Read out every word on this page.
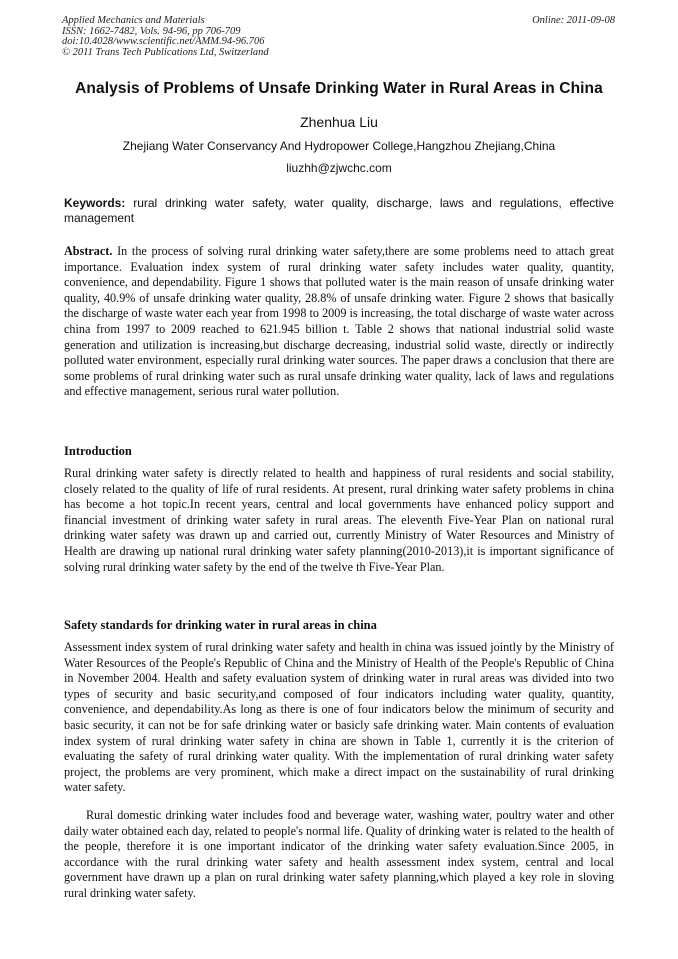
Applied Mechanics and Materials
ISSN: 1662-7482, Vols. 94-96, pp 706-709
doi:10.4028/www.scientific.net/AMM.94-96.706
© 2011 Trans Tech Publications Ltd, Switzerland
Online: 2011-09-08
Analysis of Problems of Unsafe Drinking Water in Rural Areas in China
Zhenhua Liu
Zhejiang Water Conservancy And Hydropower College,Hangzhou Zhejiang,China
liuzhh@zjwchc.com
Keywords: rural drinking water safety, water quality, discharge, laws and regulations, effective management
Abstract. In the process of solving rural drinking water safety,there are some problems need to attach great importance. Evaluation index system of rural drinking water safety includes water quality, quantity, convenience, and dependability. Figure 1 shows that polluted water is the main reason of unsafe drinking water quality, 40.9% of unsafe drinking water quality, 28.8% of unsafe drinking water. Figure 2 shows that basically the discharge of waste water each year from 1998 to 2009 is increasing, the total discharge of waste water across china from 1997 to 2009 reached to 621.945 billion t. Table 2 shows that national industrial solid waste generation and utilization is increasing,but discharge decreasing, industrial solid waste, directly or indirectly polluted water environment, especially rural drinking water sources. The paper draws a conclusion that there are some problems of rural drinking water such as rural unsafe drinking water quality, lack of laws and regulations and effective management, serious rural water pollution.
Introduction
Rural drinking water safety is directly related to health and happiness of rural residents and social stability, closely related to the quality of life of rural residents. At present, rural drinking water safety problems in china has become a hot topic.In recent years, central and local governments have enhanced policy support and financial investment of drinking water safety in rural areas. The eleventh Five-Year Plan on national rural drinking water safety was drawn up and carried out, currently Ministry of Water Resources and Ministry of Health are drawing up national rural drinking water safety planning(2010-2013),it is important significance of solving rural drinking water safety by the end of the twelve th Five-Year Plan.
Safety standards for drinking water in rural areas in china
Assessment index system of rural drinking water safety and health in china was issued jointly by the Ministry of Water Resources of the People's Republic of China and the Ministry of Health of the People's Republic of China in November 2004. Health and safety evaluation system of drinking water in rural areas was divided into two types of security and basic security,and composed of four indicators including water quality, quantity, convenience, and dependability.As long as there is one of four indicators below the minimum of security and basic security, it can not be for safe drinking water or basicly safe drinking water. Main contents of evaluation index system of rural drinking water safety in china are shown in Table 1, currently it is the criterion of evaluating the safety of rural drinking water quality. With the implementation of rural drinking water safety project, the problems are very prominent, which make a direct impact on the sustainability of rural drinking water safety.
Rural domestic drinking water includes food and beverage water, washing water, poultry water and other daily water obtained each day, related to people's normal life. Quality of drinking water is related to the health of the people, therefore it is one important indicator of the drinking water safety evaluation.Since 2005, in accordance with the rural drinking water safety and health assessment index system, central and local government have drawn up a plan on rural drinking water safety planning,which played a key role in sloving rural drinking water safety.
